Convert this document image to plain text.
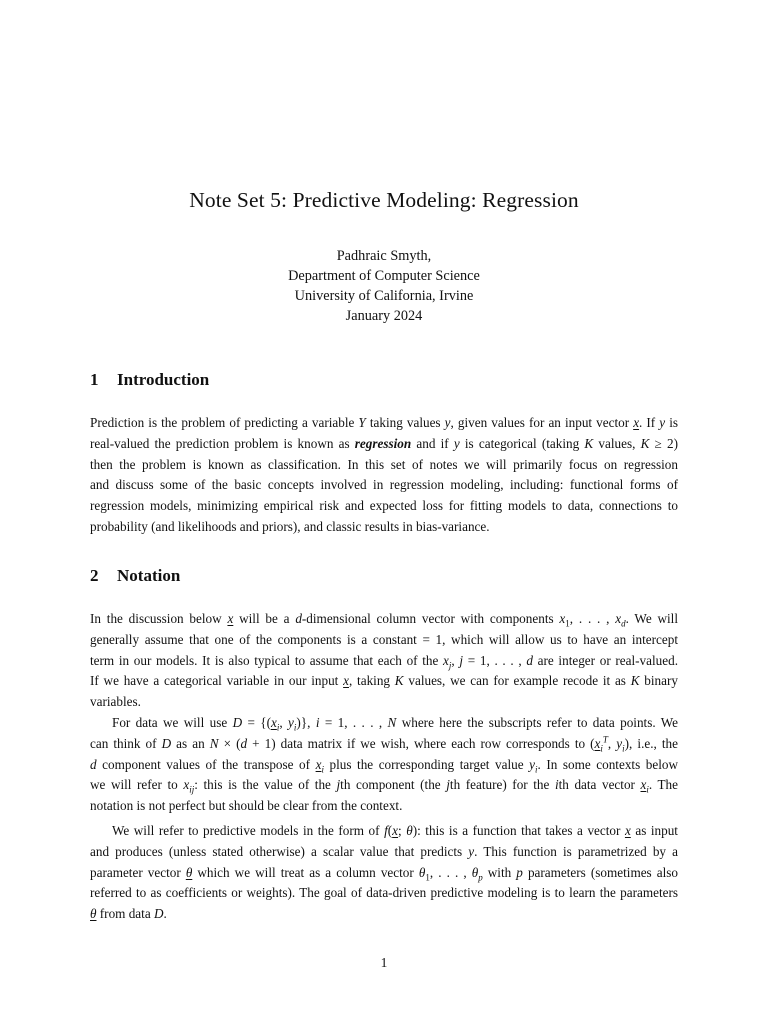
Note Set 5: Predictive Modeling: Regression
Padhraic Smyth,
Department of Computer Science
University of California, Irvine
January 2024
1 Introduction
Prediction is the problem of predicting a variable Y taking values y, given values for an input vector x. If y is
real-valued the prediction problem is known as regression and if y is categorical (taking K values, K ≥ 2)
then the problem is known as classification. In this set of notes we will primarily focus on regression
and discuss some of the basic concepts involved in regression modeling, including: functional forms of
regression models, minimizing empirical risk and expected loss for fitting models to data, connections to
probability (and likelihoods and priors), and classic results in bias-variance.
2 Notation
In the discussion below x will be a d-dimensional column vector with components $x_1$, . . . , $x_d$. We will
generally assume that one of the components is a constant = 1, which will allow us to have an intercept
term in our models. It is also typical to assume that each of the $x_j$, j = 1, . . . , d are integer or real-valued.
If we have a categorical variable in our input x, taking K values, we can for example recode it as K binary
variables.
For data we will use $D = \{(x_i$, $y_i$)}, i = 1, . . . , N where here the subscripts refer to data points. We
can think of D as an N × (d + 1) data matrix if we wish, where each row corresponds to ($x_i^T$, $y_i$), i.e., the
d component values of the transpose of $x_i$ plus the corresponding target value $y_i$. In some contexts below
we will refer to $x_{ij}$: this is the value of the jth component (the jth feature) for the ith data vector $x_i$. The
notation is not perfect but should be clear from the context.
We will refer to predictive models in the form of f(x; θ): this is a function that takes a vector x as input
and produces (unless stated otherwise) a scalar value that predicts y. This function is parametrized by a
parameter vector θ which we will treat as a column vector $\theta_1$, . . . , $\theta_p$ with p parameters (sometimes also
referred to as coefficients or weights). The goal of data-driven predictive modeling is to learn the parameters
θ from data D.
1
